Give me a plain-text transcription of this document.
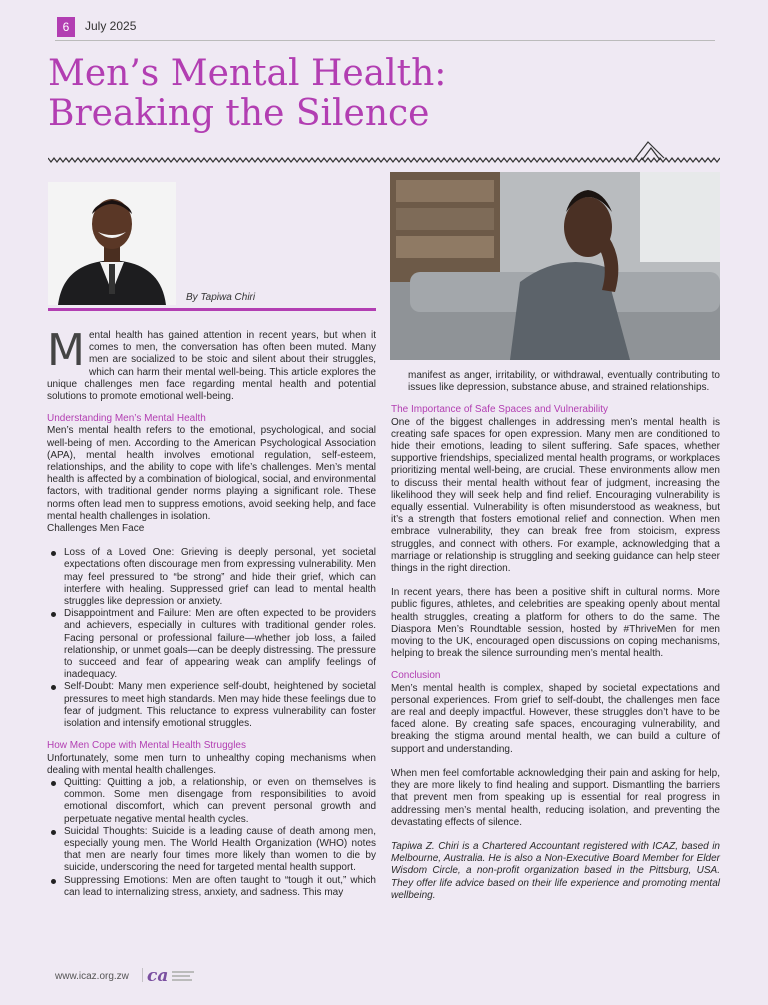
6	July 2025
Men’s Mental Health:
Breaking the Silence
By Tapiwa Chiri

Mental health has gained attention in recent years, but when it comes to men, the conversation has often been muted. Many men are socialized to be stoic and silent about their struggles, which can harm their mental well-being. This article explores the unique challenges men face regarding mental health and potential solutions to promote emotional well-being.

Understanding Men’s Mental Health

Men’s mental health refers to the emotional, psychological, and social well-being of men. According to the American Psychological Association (APA), mental health involves emotional regulation, self-esteem, relationships, and the ability to cope with life’s challenges. Men’s mental health is affected by a combination of biological, social, and environmental factors, with traditional gender norms playing a significant role. These norms often lead men to suppress emotions, avoid seeking help, and face mental health challenges in isolation.

Challenges Men Face

Loss of a Loved One: Grieving is deeply personal, yet societal expectations often discourage men from expressing vulnerability. Men may feel pressured to “be strong” and hide their grief, which can interfere with healing. Suppressed grief can lead to mental health struggles like depression or anxiety.
Disappointment and Failure: Men are often expected to be providers and achievers, especially in cultures with traditional gender roles. Facing personal or professional failure—whether job loss, a failed relationship, or unmet goals—can be deeply distressing. The pressure to succeed and fear of appearing weak can amplify feelings of inadequacy.
Self-Doubt: Many men experience self-doubt, heightened by societal pressures to meet high standards. Men may hide these feelings due to fear of judgment. This reluctance to express vulnerability can foster isolation and intensify emotional struggles.

How Men Cope with Mental Health Struggles

Unfortunately, some men turn to unhealthy coping mechanisms when dealing with mental health challenges.

Quitting: Quitting a job, a relationship, or even on themselves is common. Some men disengage from responsibilities to avoid emotional discomfort, which can prevent personal growth and perpetuate negative mental health cycles.
Suicidal Thoughts: Suicide is a leading cause of death among men, especially young men. The World Health Organization (WHO) notes that men are nearly four times more likely than women to die by suicide, underscoring the need for targeted mental health support.
Suppressing Emotions: Men are often taught to “tough it out,” which can lead to internalizing stress, anxiety, and sadness. This may

manifest as anger, irritability, or withdrawal, eventually contributing to issues like depression, substance abuse, and strained relationships.

The Importance of Safe Spaces and Vulnerability

One of the biggest challenges in addressing men’s mental health is creating safe spaces for open expression. Many men are conditioned to hide their emotions, leading to silent suffering. Safe spaces, whether supportive friendships, specialized mental health programs, or workplaces prioritizing mental well-being, are crucial. These environments allow men to discuss their mental health without fear of judgment, increasing the likelihood they will seek help and find relief. Encouraging vulnerability is equally essential. Vulnerability is often misunderstood as weakness, but it’s a strength that fosters emotional relief and connection. When men embrace vulnerability, they can break free from stoicism, express struggles, and connect with others. For example, acknowledging that a marriage or relationship is struggling and seeking guidance can help steer things in the right direction.

In recent years, there has been a positive shift in cultural norms. More public figures, athletes, and celebrities are speaking openly about mental health struggles, creating a platform for others to do the same. The Diaspora Men’s Roundtable session, hosted by #ThriveMen for men moving to the UK, encouraged open discussions on coping mechanisms, helping to break the silence surrounding men’s mental health.

Conclusion

Men’s mental health is complex, shaped by societal expectations and personal experiences. From grief to self-doubt, the challenges men face are real and deeply impactful. However, these struggles don’t have to be faced alone. By creating safe spaces, encouraging vulnerability, and breaking the stigma around mental health, we can build a culture of support and understanding.

When men feel comfortable acknowledging their pain and asking for help, they are more likely to find healing and support. Dismantling the barriers that prevent men from speaking up is essential for real progress in addressing men’s mental health, reducing isolation, and preventing the devastating effects of silence.

Tapiwa Z. Chiri is a Chartered Accountant registered with ICAZ, based in Melbourne, Australia. He is also a Non-Executive Board Member for Elder Wisdom Circle, a non-profit organization based in the Pittsburg, USA. They offer life advice based on their life experience and promoting mental wellbeing.

www.icaz.org.zw ca
